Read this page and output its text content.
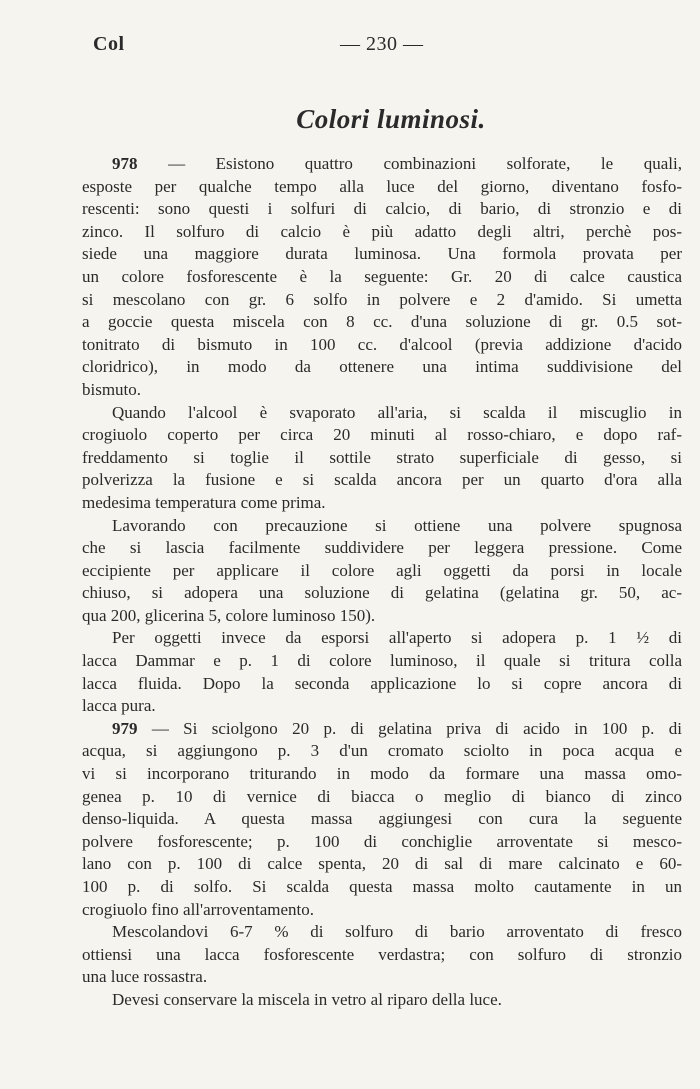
Col	— 230 —
Colori luminosi.
978 — Esistono quattro combinazioni solforate, le quali,
esposte per qualche tempo alla luce del giorno, diventano fosfo-
rescenti: sono questi i solfuri di calcio, di bario, di stronzio e di
zinco. Il solfuro di calcio è più adatto degli altri, perchè pos-
siede una maggiore durata luminosa. Una formola provata per
un colore fosforescente è la seguente: Gr. 20 di calce caustica
si mescolano con gr. 6 solfo in polvere e 2 d'amido. Si umetta
a goccie questa miscela con 8 cc. d'una soluzione di gr. 0.5 sot-
tonitrato di bismuto in 100 cc. d'alcool (previa addizione d'acido
cloridrico), in modo da ottenere una intima suddivisione del
bismuto.
Quando l'alcool è svaporato all'aria, si scalda il miscuglio in
crogiuolo coperto per circa 20 minuti al rosso-chiaro, e dopo raf-
freddamento si toglie il sottile strato superficiale di gesso, si
polverizza la fusione e si scalda ancora per un quarto d'ora alla
medesima temperatura come prima.
Lavorando con precauzione si ottiene una polvere spugnosa
che si lascia facilmente suddividere per leggera pressione. Come
eccipiente per applicare il colore agli oggetti da porsi in locale
chiuso, si adopera una soluzione di gelatina (gelatina gr. 50, ac-
qua 200, glicerina 5, colore luminoso 150).
Per oggetti invece da esporsi all'aperto si adopera p. 1 ½ di
lacca Dammar e p. 1 di colore luminoso, il quale si tritura colla
lacca fluida. Dopo la seconda applicazione lo si copre ancora di
lacca pura.
979 — Si sciolgono 20 p. di gelatina priva di acido in 100 p. di
acqua, si aggiungono p. 3 d'un cromato sciolto in poca acqua e
vi si incorporano triturando in modo da formare una massa omo-
genea p. 10 di vernice di biacca o meglio di bianco di zinco
denso-liquida. A questa massa aggiungesi con cura la seguente
polvere fosforescente; p. 100 di conchiglie arroventate si mesco-
lano con p. 100 di calce spenta, 20 di sal di mare calcinato e 60-
100 p. di solfo. Si scalda questa massa molto cautamente in un
crogiuolo fino all'arroventamento.
Mescolandovi 6-7 % di solfuro di bario arroventato di fresco
ottiensi una lacca fosforescente verdastra; con solfuro di stronzio
una luce rossastra.
Devesi conservare la miscela in vetro al riparo della luce.
